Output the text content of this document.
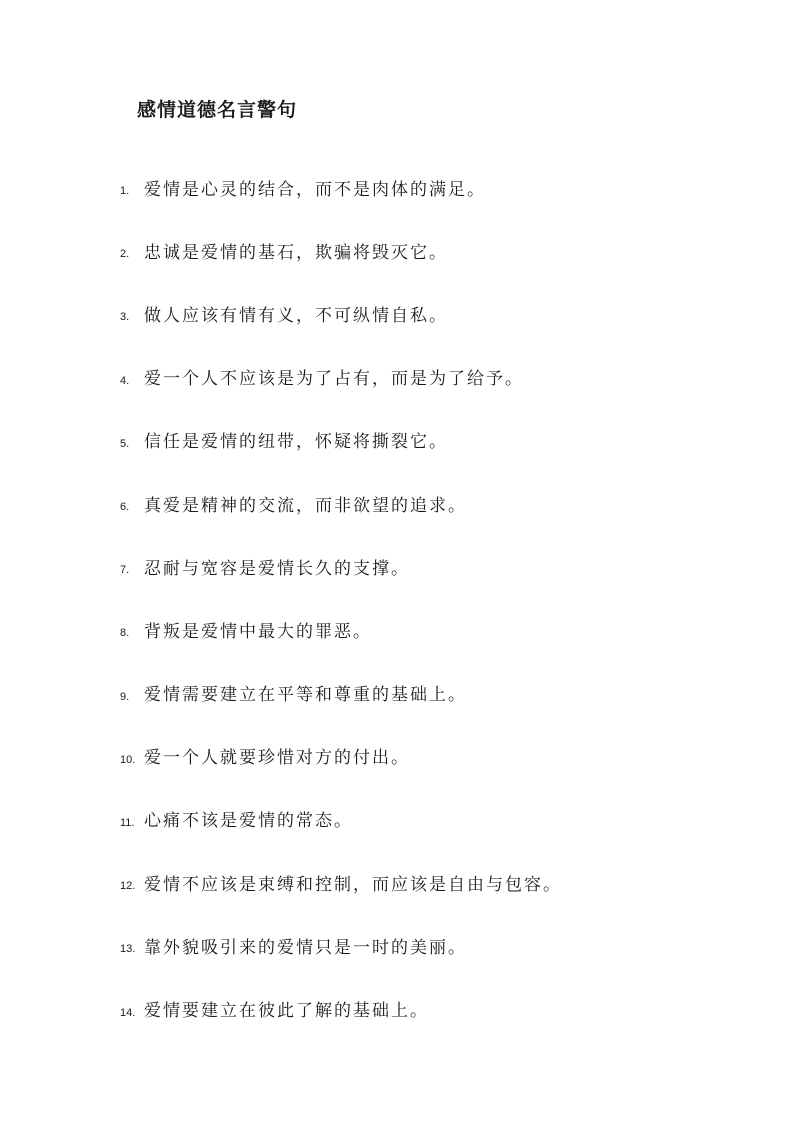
感情道德名言警句
1. 爱情是心灵的结合，而不是肉体的满足。
2. 忠诚是爱情的基石，欺骗将毁灭它。
3. 做人应该有情有义，不可纵情自私。
4. 爱一个人不应该是为了占有，而是为了给予。
5. 信任是爱情的纽带，怀疑将撕裂它。
6. 真爱是精神的交流，而非欲望的追求。
7. 忍耐与宽容是爱情长久的支撑。
8. 背叛是爱情中最大的罪恶。
9. 爱情需要建立在平等和尊重的基础上。
10. 爱一个人就要珍惜对方的付出。
11. 心痛不该是爱情的常态。
12. 爱情不应该是束缚和控制，而应该是自由与包容。
13. 靠外貌吸引来的爱情只是一时的美丽。
14. 爱情要建立在彼此了解的基础上。
